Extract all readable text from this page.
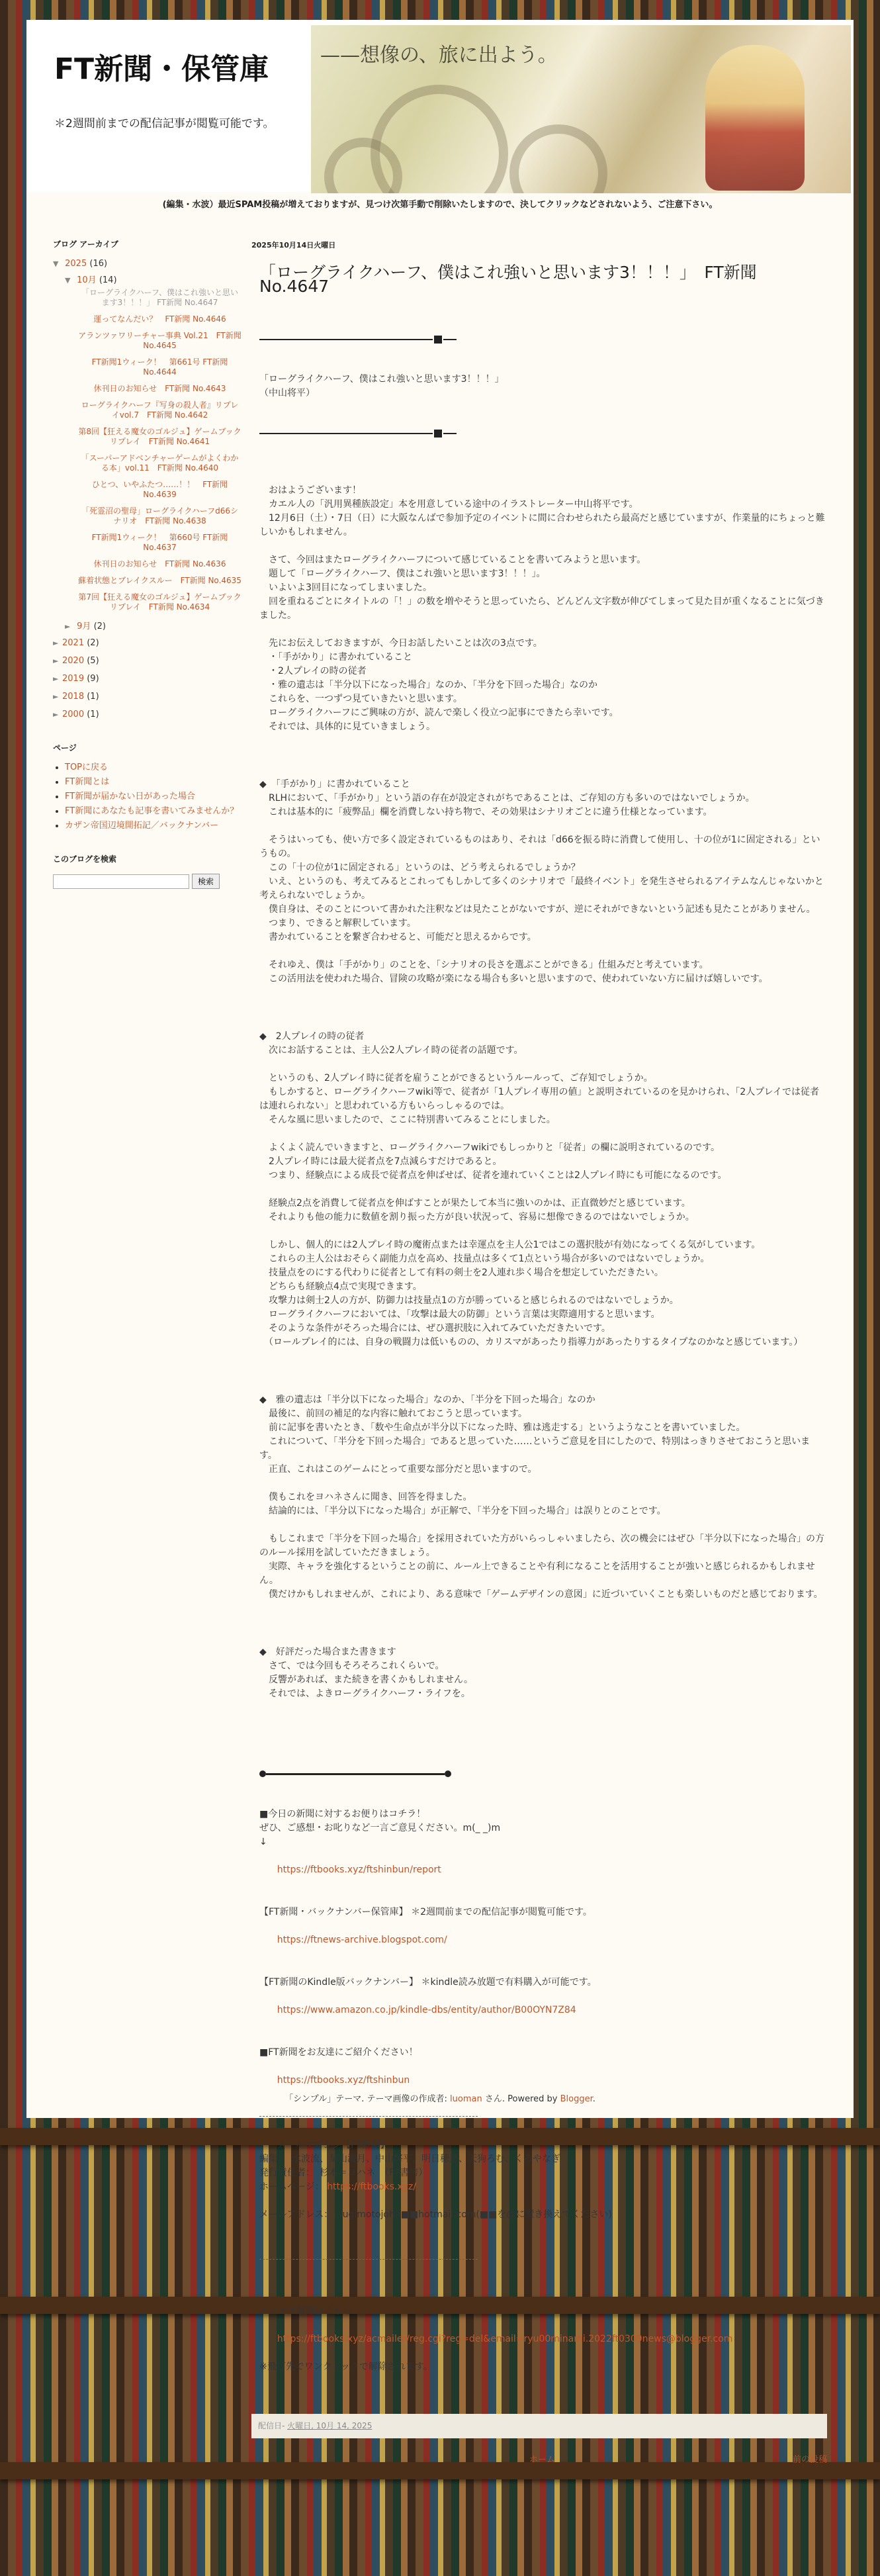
FT新聞・保管庫
＊2週間前までの配信記事が閲覧可能です。
——想像の、旅に出よう。
(編集・水波）最近SPAM投稿が増えておりますが、見つけ次第手動で削除いたしますので、決してクリックなどされないよう、ご注意下さい。
ブログ アーカイブ
▼ 2025 (16)
▼ 10月 (14)
「ローグライクハーフ、僕はこれ強いと思います3！！！」 FT新聞 No.4647
運ってなんだい？　FT新聞 No.4646
アランツァワリーチャー事典 Vol.21　FT新聞 No.4645
FT新聞1ウィーク！　第661号 FT新聞 No.4644
休刊日のお知らせ　FT新聞 No.4643
ローグライクハーフ『写身の殺人者』リプレイvol.7　FT新聞 No.4642
第8回【狂える魔女のゴルジュ】ゲームブックリプレイ　FT新聞 No.4641
「スーパーアドベンチャーゲームがよくわかる本」vol.11　FT新聞 No.4640
ひとつ、いやふたつ……！！　FT新聞 No.4639
「死霊沼の聖母」ローグライクハーフd66シナリオ　FT新聞 No.4638
FT新聞1ウィーク！　第660号 FT新聞 No.4637
休刊日のお知らせ　FT新聞 No.4636
蘇着状態とブレイクスルー　FT新聞 No.4635
第7回【狂える魔女のゴルジュ】ゲームブックリプレイ　FT新聞 No.4634
► 9月 (2)
► 2021 (2)
► 2020 (5)
► 2019 (9)
► 2018 (1)
► 2000 (1)
ページ
• TOPに戻る
• FT新聞とは
• FT新聞が届かない日があった場合
• FT新聞にあなたも記事を書いてみませんか？
• カザン帝国辺境開拓記／バックナンバー
このブログを検索
検索
2025年10月14日火曜日
「ローグライクハーフ、僕はこれ強いと思います3！！！」　FT新聞 No.4647

「ローグライクハーフ、僕はこれ強いと思います3！！！」
（中山将平）

　おはようございます！
　カエル人の「汎用異種族設定」本を用意している途中のイラストレーター中山将平です。
　12月6日（土）・7日（日）に大阪なんばで参加予定のイベントに間に合わせられたら最高だと感じていますが、作業量的にちょっと難しいかもしれません。

　さて、今回はまたローグライクハーフについて感じていることを書いてみようと思います。
　題して「ローグライクハーフ、僕はこれ強いと思います3！！！」。
　いよいよ3回目になってしまいました。
　回を重ねるごとにタイトルの「！」の数を増やそうと思っていたら、どんどん文字数が伸びてしまって見た目が重くなることに気づきました。

　先にお伝えしておきますが、今日お話したいことは次の3点です。
　・「手がかり」に書かれていること
　・2人プレイの時の従者
　・雅の遺志は「半分以下になった場合」なのか、「半分を下回った場合」なのか
　これらを、一つずつ見ていきたいと思います。
　ローグライクハーフにご興味の方が、読んで楽しく役立つ記事にできたら幸いです。
　それでは、具体的に見ていきましょう。

◆　「手がかり」に書かれていること
　RLHにおいて、「手がかり」という語の存在が設定されがちであることは、ご存知の方も多いのではないでしょうか。
　これは基本的に「疲弊品」欄を消費しない持ち物で、その効果はシナリオごとに違う仕様となっています。

　そうはいっても、使い方で多く設定されているものはあり、それは「d66を振る時に消費して使用し、十の位が1に固定される」というもの。
　この「十の位が1に固定される」というのは、どう考えられるでしょうか？
　いえ、というのも、考えてみるとこれってもしかして多くのシナリオで「最終イベント」を発生させられるアイテムなんじゃないかと考えられないでしょうか。
　僕自身は、そのことについて書かれた注釈などは見たことがないですが、逆にそれができないという記述も見たことがありません。
　つまり、できると解釈しています。
　書かれていることを繋ぎ合わせると、可能だと思えるからです。

　それゆえ、僕は「手がかり」のことを、「シナリオの長さを選ぶことができる」仕組みだと考えています。
　この活用法を使われた場合、冒険の攻略が楽になる場合も多いと思いますので、使われていない方に届けば嬉しいです。

◆　2人プレイの時の従者
　次にお話することは、主人公2人プレイ時の従者の話題です。

　というのも、2人プレイ時に従者を雇うことができるというルールって、ご存知でしょうか。
　もしかすると、ローグライクハーフwiki等で、従者が「1人プレイ専用の値」と説明されているのを見かけられ、「2人プレイでは従者は連れられない」と思われている方もいらっしゃるのでは。
　そんな風に思いましたので、ここに特別書いてみることにしました。

　よくよく読んでいきますと、ローグライクハーフwikiでもしっかりと「従者」の欄に説明されているのです。
　2人プレイ時には最大従者点を7点減らすだけであると。
　つまり、経験点による成長で従者点を伸ばせば、従者を連れていくことは2人プレイ時にも可能になるのです。

　経験点2点を消費して従者点を伸ばすことが果たして本当に強いのかは、正直微妙だと感じています。
　それよりも他の能力に数値を割り振った方が良い状況って、容易に想像できるのではないでしょうか。

　しかし、個人的には2人プレイ時の魔術点または幸運点を主人公1ではこの選択肢が有効になってくる気がしています。
　これらの主人公はおそらく副能力点を高め、技量点は多くて1点という場合が多いのではないでしょうか。
　技量点をのにする代わりに従者として有料の剣士を2人連れ歩く場合を想定していただきたい。
　どちらも経験点4点で実現できます。
　攻撃力は剣士2人の方が、防御力は技量点1の方が勝っていると感じられるのではないでしょうか。
　ローグライクハーフにおいては、「攻撃は最大の防御」という言葉は実際適用すると思います。
　そのような条件がそろった場合には、ぜひ選択肢に入れてみていただきたいです。
　（ロールプレイ的には、自身の戦闘力は低いものの、カリスマがあったり指導力があったりするタイプなのかなと感じています。）

◆　雅の遺志は「半分以下になった場合」なのか、「半分を下回った場合」なのか
　最後に、前回の補足的な内容に触れておこうと思っています。
　前に記事を書いたとき、「数や生命点が半分以下になった時、雅は逃走する」というようなことを書いていました。
　これについて、「半分を下回った場合」であると思っていた……というご意見を目にしたので、特別はっきりさせておこうと思います。
　正直、これはこのゲームにとって重要な部分だと思いますので。

　僕もこれをヨハネさんに聞き、回答を得ました。
　結論的には、「半分以下になった場合」が正解で、「半分を下回った場合」は誤りとのことです。

　もしこれまで「半分を下回った場合」を採用されていた方がいらっしゃいましたら、次の機会にはぜひ「半分以下になった場合」の方のルール採用を試していただきましょう。
　実際、キャラを強化するということの前に、ルール上できることや有利になることを活用することが強いと感じられるかもしれません。
　僕だけかもしれませんが、これにより、ある意味で「ゲームデザインの意図」に近づいていくことも楽しいものだと感じております。

◆　好評だった場合また書きます
　さて、では今回もそろそろこれくらいで。
　反響があれば、また続きを書くかもしれません。
　それでは、よきローグライクハーフ・ライフを。

■今日の新聞に対するお便りはコチラ！
ぜひ、ご感想・お叱りなど一言ご意見ください。m(_ _)m
↓

https://ftbooks.xyz/ftshinbun/report

【FT新聞・バックナンバー保管庫】 ＊2週間前までの配信記事が閲覧可能です。

https://ftnews-archive.blogspot.com/

【FT新聞のKindle版バックナンバー】 ＊kindle読み放題で有料購入が可能です。

https://www.amazon.co.jp/kindle-dbs/entity/author/B00OYN7Z84

■FT新聞をお友達にご紹介ください！

https://ftbooks.xyz/ftshinbun

メールマガジン【FT新聞】
編集：　水波流、葉山海月、中山将平、明日穂慧、天狗ろむ、くろやなぎ
発行責任者：　杉本＝ヨハネ　（FT書房）
ホームページ： https://ftbooks.xyz/

メールアドレス：　sugimotojohn■■hotmail.com(■■を@に置き換えてください)

メルマガ解除はこちら

https://ftbooks.xyz/acmailer/reg.cgi?reg=del&email=ryu00minami.2022ft0309news@blogger.com

※飛び先でワンクリックで解除されます。

配信日- 火曜日, 10月 14, 2025
ホーム	前の投稿
「シンプル」テーマ. テーマ画像の作成者: luoman さん. Powered by Blogger.
